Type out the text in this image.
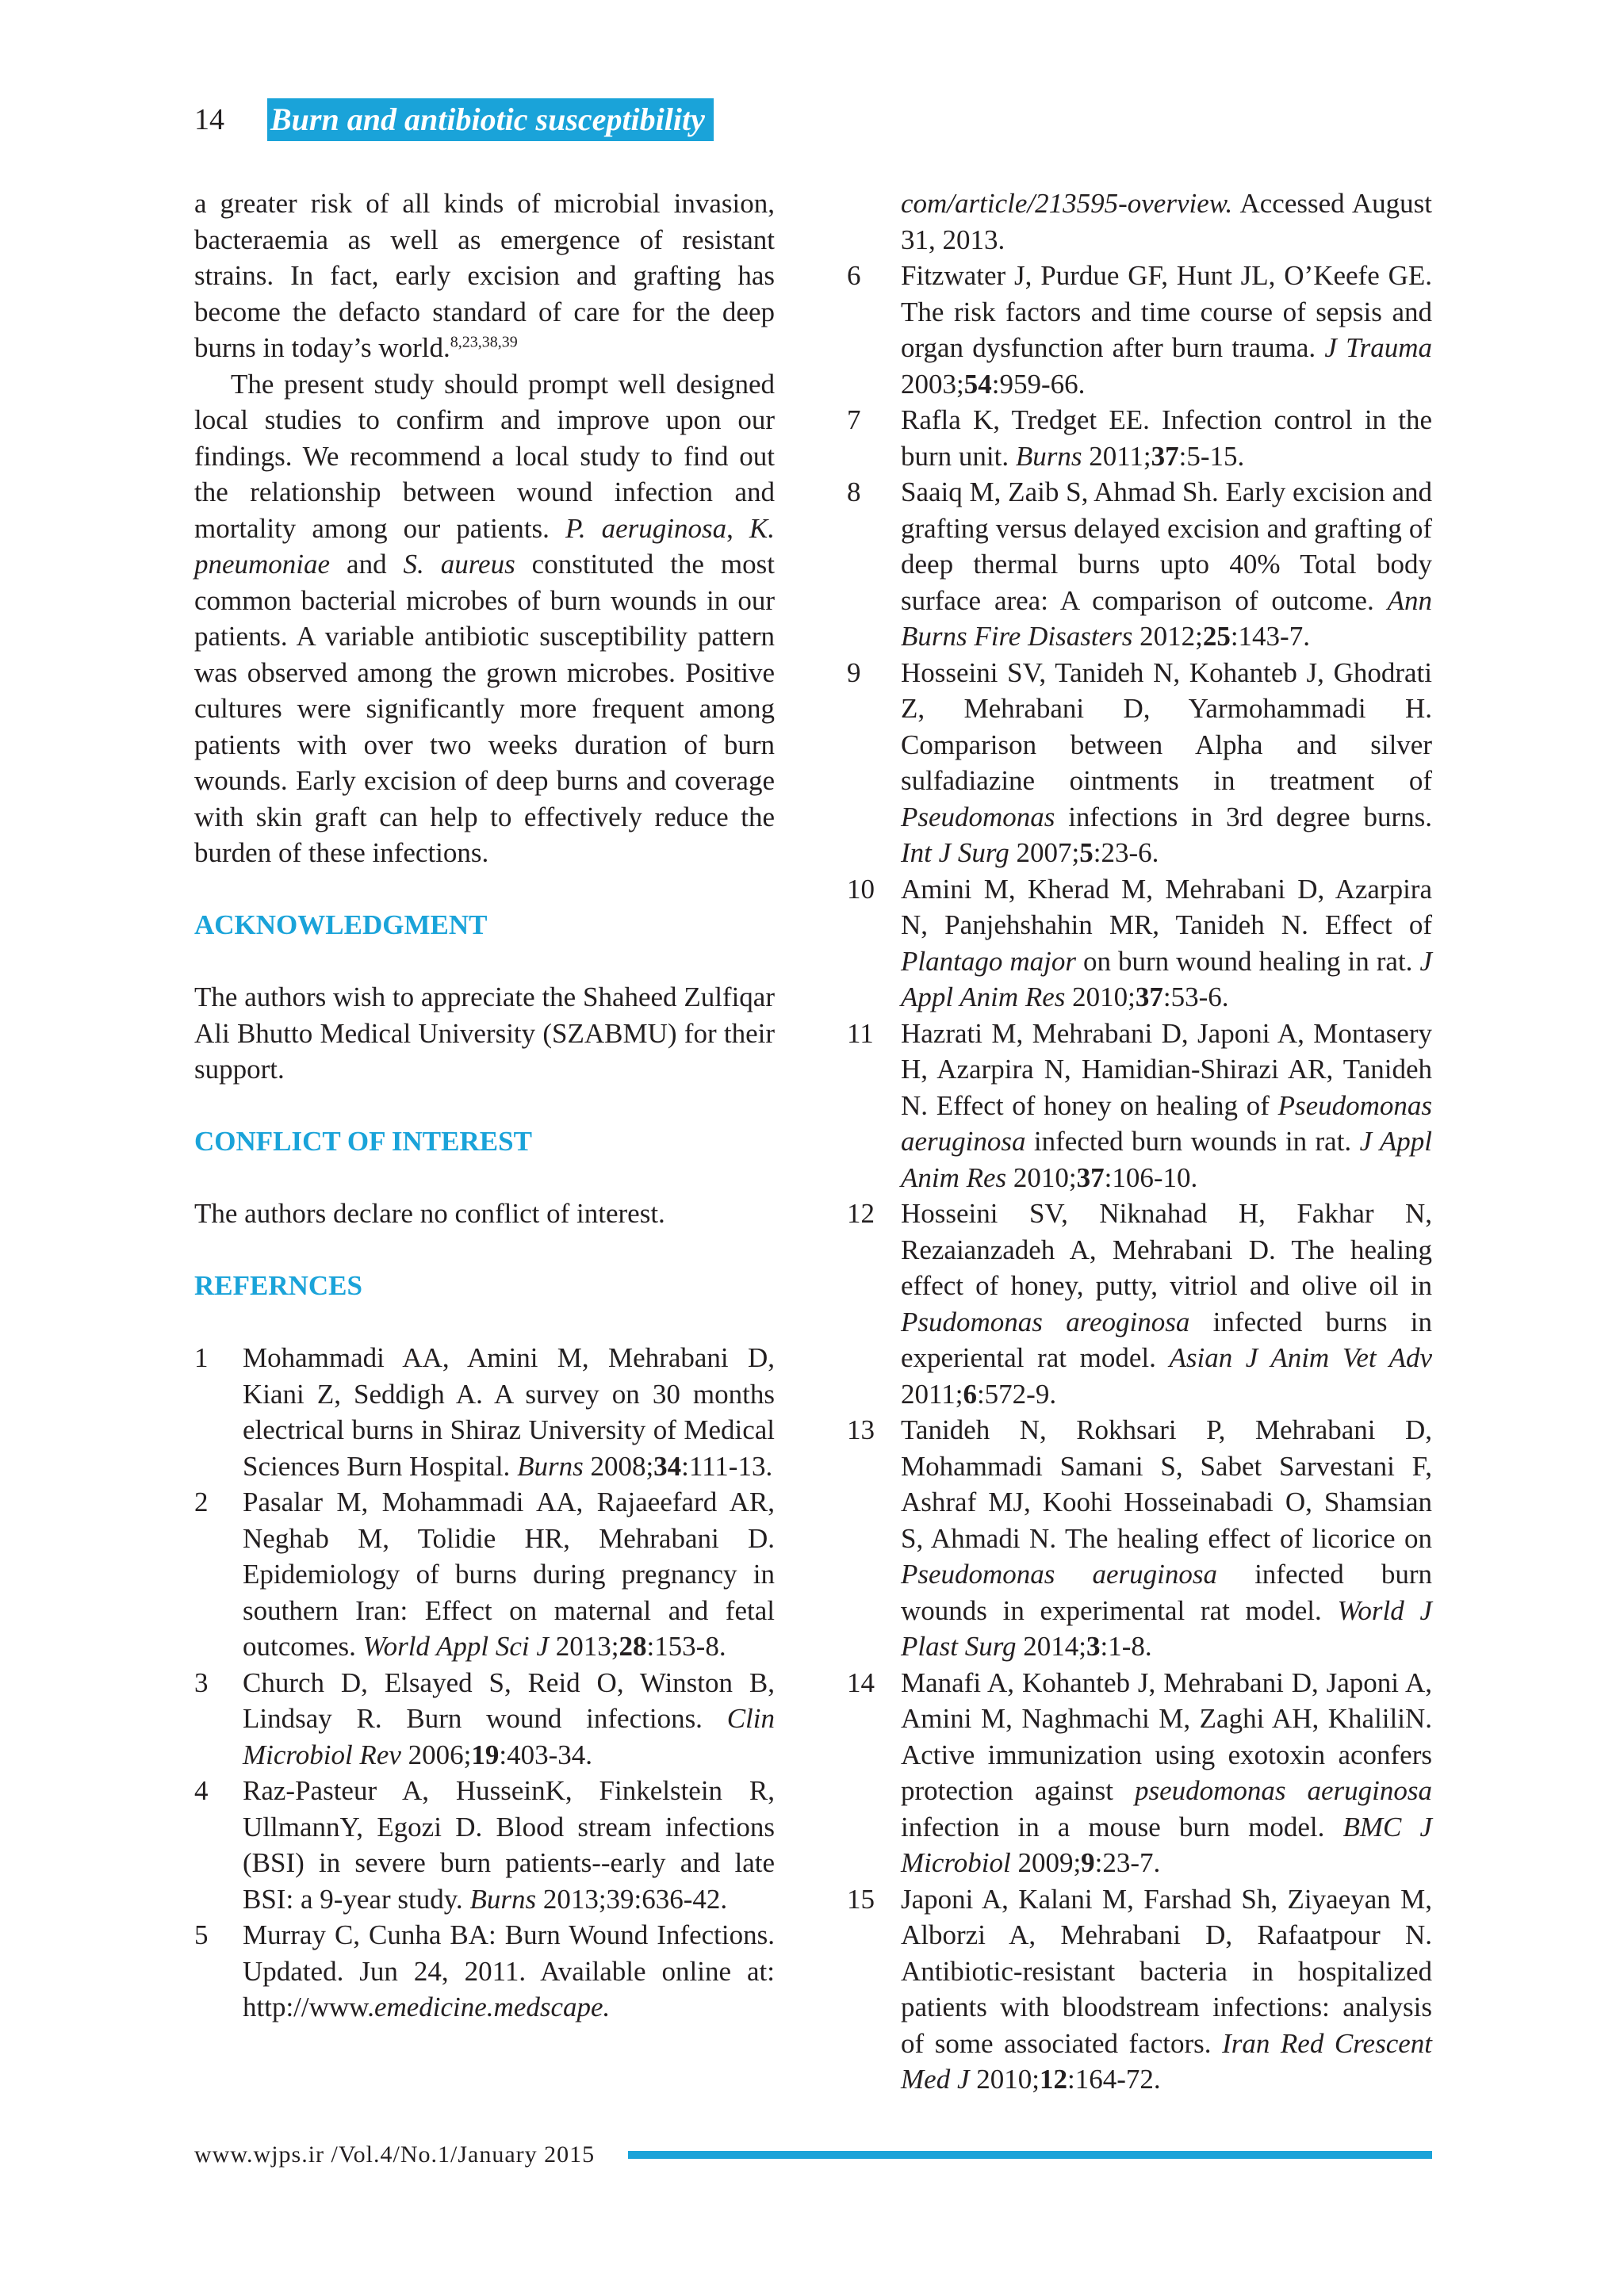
14	Burn and antibiotic susceptibility

a greater risk of all kinds of microbial invasion, bacteraemia as well as emergence of resistant strains. In fact, early excision and grafting has become the defacto standard of care for the deep burns in today’s world.$^{8,23,38,39}$

The present study should prompt well designed local studies to confirm and improve upon our findings. We recommend a local study to find out the relationship between wound infection and mortality among our patients. P. aeruginosa, K. pneumoniae and S. aureus constituted the most common bacterial microbes of burn wounds in our patients. A variable antibiotic susceptibility pattern was observed among the grown microbes. Positive cultures were significantly more frequent among patients with over two weeks duration of burn wounds. Early excision of deep burns and coverage with skin graft can help to effectively reduce the burden of these infections.

ACKNOWLEDGMENT

The authors wish to appreciate the Shaheed Zulfiqar Ali Bhutto Medical University (SZABMU) for their support.

CONFLICT OF INTEREST

The authors declare no conflict of interest.

REFERNCES
1	Mohammadi AA, Amini M, Mehrabani D, Kiani Z, Seddigh A. A survey on 30 months electrical burns in Shiraz University of Medical Sciences Burn Hospital. Burns 2008;34:111-13.
2	Pasalar M, Mohammadi AA, Rajaeefard AR, Neghab M, Tolidie HR, Mehrabani D. Epidemiology of burns during pregnancy in southern Iran: Effect on maternal and fetal outcomes. World Appl Sci J 2013;28:153-8.
3	Church D, Elsayed S, Reid O, Winston B, Lindsay R. Burn wound infections. Clin Microbiol Rev 2006;19:403-34.
4	Raz-Pasteur A, HusseinK, Finkelstein R, UllmannY, Egozi D. Blood stream infections (BSI) in severe burn patients--early and late BSI: a 9-year study. Burns 2013;39:636-42.
5	Murray C, Cunha BA: Burn Wound Infections. Updated. Jun 24, 2011. Available online at: http://www.emedicine.medscape.

com/article/213595-overview. Accessed August 31, 2013.

6	Fitzwater J, Purdue GF, Hunt JL, O’Keefe GE. The risk factors and time course of sepsis and organ dysfunction after burn trauma. J Trauma 2003;54:959-66.
7	Rafla K, Tredget EE. Infection control in the burn unit. Burns 2011;37:5-15.
8	Saaiq M, Zaib S, Ahmad Sh. Early excision and grafting versus delayed excision and grafting of deep thermal burns upto 40% Total body surface area: A comparison of outcome. Ann Burns Fire Disasters 2012;25:143-7.
9	Hosseini SV, Tanideh N, Kohanteb J, Ghodrati Z, Mehrabani D, Yarmohammadi H. Comparison between Alpha and silver sulfadiazine ointments in treatment of Pseudomonas infections in 3rd degree burns. Int J Surg 2007;5:23-6.
10 Amini M, Kherad M, Mehrabani D, Azarpira N, Panjehshahin MR, Tanideh N. Effect of Plantago major on burn wound healing in rat. J Appl Anim Res 2010;37:53-6.
11 Hazrati M, Mehrabani D, Japoni A, Montasery H, Azarpira N, Hamidian-Shirazi AR, Tanideh N. Effect of honey on healing of Pseudomonas aeruginosa infected burn wounds in rat. J Appl Anim Res 2010;37:106-10.
12 Hosseini SV, Niknahad H, Fakhar N, Rezaianzadeh A, Mehrabani D. The healing effect of honey, putty, vitriol and olive oil in Psudomonas areoginosa infected burns in experiental rat model. Asian J Anim Vet Adv 2011;6:572-9.
13 Tanideh N, Rokhsari P, Mehrabani D, Mohammadi Samani S, Sabet Sarvestani F, Ashraf MJ, Koohi Hosseinabadi O, Shamsian S, Ahmadi N. The healing effect of licorice on Pseudomonas aeruginosa infected burn wounds in experimental rat model. World J Plast Surg 2014;3:1-8.
14 Manafi A, Kohanteb J, Mehrabani D, Japoni A, Amini M, Naghmachi M, Zaghi AH, KhaliliN. Active immunization using exotoxin aconfers protection against pseudomonas aeruginosa infection in a mouse burn model. BMC J Microbiol 2009;9:23-7.
15 Japoni A, Kalani M, Farshad Sh, Ziyaeyan M, Alborzi A, Mehrabani D, Rafaatpour N. Antibiotic-resistant bacteria in hospitalized patients with bloodstream infections: analysis of some associated factors. Iran Red Crescent Med J 2010;12:164-72.
www.wjps.ir /Vol.4/No.1/January 2015
